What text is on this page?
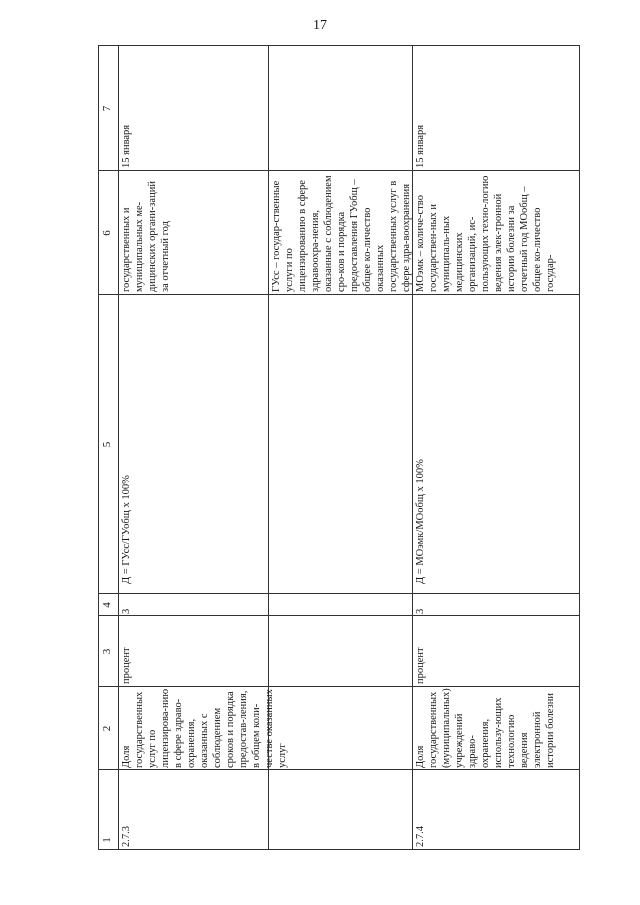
17
1
2
3
4
5
6
7
государственных и муниципальных ме-дицинских органи-заций за отчетный год
2.7.3
Доля государственных услуг по лицензирова-нию в сфере здраво-охранения, оказанных с соблюдением сроков и порядка предостав-ления, в общем коли-честве оказанных услуг
процент
3
Д = ГУсс/ГУобщ х 100%
15 января
2.7.4
Доля государственных (муниципальных) учреждений здраво-охранения, использу-ющих технологию ведения электронной истории болезни
процент
3
Д = МОэмк/МОобщ х 100%
МОэмк – количе-ство государствен-ных и муниципаль-ных медицинских организаций, ис-пользующих техно-логию ведения элек-тронной истории болезни за отчетный год МОобщ – общее ко-личество государ-
15 января
ГУсс – государ-ственные услуги по лицензированию в сфере здравоохра-нения, оказанные с соблюдением сро-ков и порядка предоставления ГУобщ – общее ко-личество оказанных государственных услуг в сфере здра-воохранения
